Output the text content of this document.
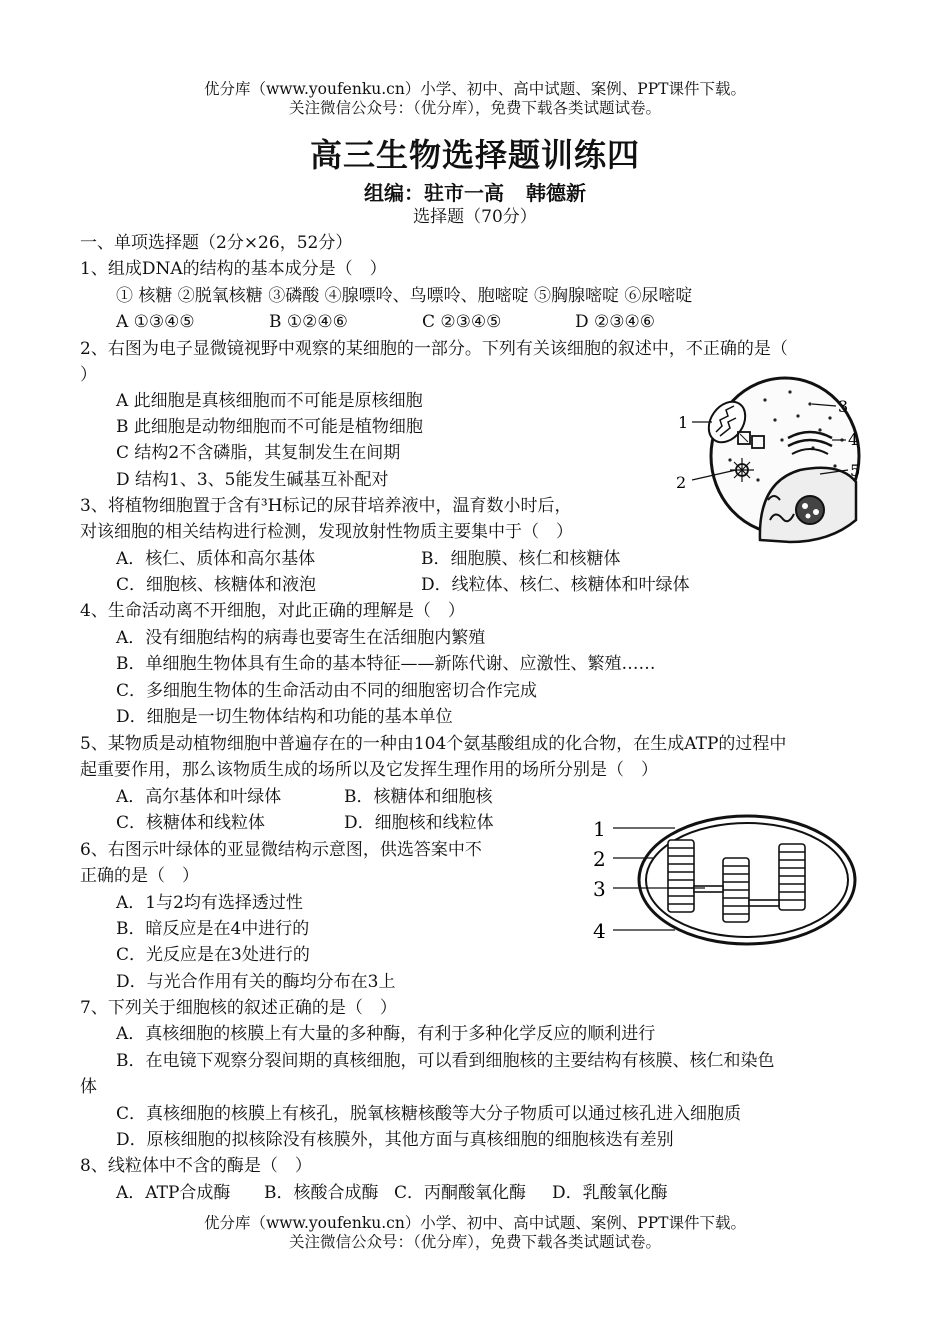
优分库（www.youfenku.cn）小学、初中、高中试题、案例、PPT课件下载。
关注微信公众号：（优分库），免费下载各类试题试卷。
高三生物选择题训练四
组编：驻市一高 韩德新
选择题（70分）
一、单项选择题（2分×26，52分）
1、组成DNA的结构的基本成分是（　）
① 核糖 ②脱氧核糖 ③磷酸 ④腺嘌呤、鸟嘌呤、胞嘧啶 ⑤胸腺嘧啶 ⑥尿嘧啶
A ①③④⑤	B ①②④⑥	C ②③④⑤	D ②③④⑥
2、右图为电子显微镜视野中观察的某细胞的一部分。下列有关该细胞的叙述中，不正确的是（
）
A 此细胞是真核细胞而不可能是原核细胞
B 此细胞是动物细胞而不可能是植物细胞
C 结构2不含磷脂，其复制发生在间期
D 结构1、3、5能发生碱基互补配对
1
2
3
4
5
3、将植物细胞置于含有³H标记的尿苷培养液中，温育数小时后，
对该细胞的相关结构进行检测，发现放射性物质主要集中于（　）
A．核仁、质体和高尔基体	B．细胞膜、核仁和核糖体
C．细胞核、核糖体和液泡	D．线粒体、核仁、核糖体和叶绿体
4、生命活动离不开细胞，对此正确的理解是（　）
A．没有细胞结构的病毒也要寄生在活细胞内繁殖
B．单细胞生物体具有生命的基本特征——新陈代谢、应激性、繁殖……
C．多细胞生物体的生命活动由不同的细胞密切合作完成
D．细胞是一切生物体结构和功能的基本单位
5、某物质是动植物细胞中普遍存在的一种由104个氨基酸组成的化合物，在生成ATP的过程中
起重要作用，那么该物质生成的场所以及它发挥生理作用的场所分别是（　）
A．高尔基体和叶绿体	B．核糖体和细胞核
C．核糖体和线粒体	D．细胞核和线粒体
6、右图示叶绿体的亚显微结构示意图，供选答案中不
正确的是（　）
A．1与2均有选择透过性
B．暗反应是在4中进行的
C．光反应是在3处进行的
D．与光合作用有关的酶均分布在3上
1
2
3
4
7、下列关于细胞核的叙述正确的是（　）
A．真核细胞的核膜上有大量的多种酶，有利于多种化学反应的顺利进行
B．在电镜下观察分裂间期的真核细胞，可以看到细胞核的主要结构有核膜、核仁和染色
体
C．真核细胞的核膜上有核孔，脱氧核糖核酸等大分子物质可以通过核孔进入细胞质
D．原核细胞的拟核除没有核膜外，其他方面与真核细胞的细胞核迭有差别
8、线粒体中不含的酶是（　）
A．ATP合成酶 B．核酸合成酶 C．丙酮酸氧化酶 D．乳酸氧化酶
优分库（www.youfenku.cn）小学、初中、高中试题、案例、PPT课件下载。
关注微信公众号：（优分库），免费下载各类试题试卷。
